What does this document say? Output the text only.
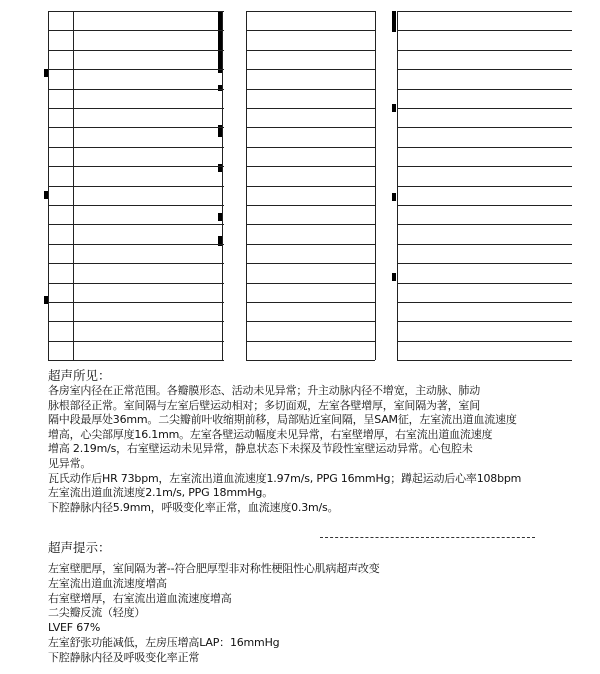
超声所见：
各房室内径在正常范围。各瓣膜形态、活动未见异常；升主动脉内径不增宽，主动脉、肺动
脉根部径正常。室间隔与左室后壁运动相对；多切面观，左室各壁增厚，室间隔为著，室间
隔中段最厚处36mm。二尖瓣前叶收缩期前移，局部贴近室间隔，呈SAM征，左室流出道血流速度
增高，心尖部厚度16.1mm。左室各壁运动幅度未见异常，右室壁增厚，右室流出道血流速度
增高 2.19m/s，右室壁运动未见异常，静息状态下未探及节段性室壁运动异常。心包腔未
见异常。
瓦氏动作后HR 73bpm，左室流出道血流速度1.97m/s, PPG 16mmHg；蹲起运动后心率108bpm
左室流出道血流速度2.1m/s, PPG 18mmHg。
下腔静脉内径5.9mm，呼吸变化率正常，血流速度0.3m/s。
超声提示：
左室壁肥厚，室间隔为著--符合肥厚型非对称性梗阻性心肌病超声改变
左室流出道血流速度增高
右室壁增厚，右室流出道血流速度增高
二尖瓣反流（轻度）
LVEF 67%
左室舒张功能减低，左房压增高LAP：16mmHg
下腔静脉内径及呼吸变化率正常
